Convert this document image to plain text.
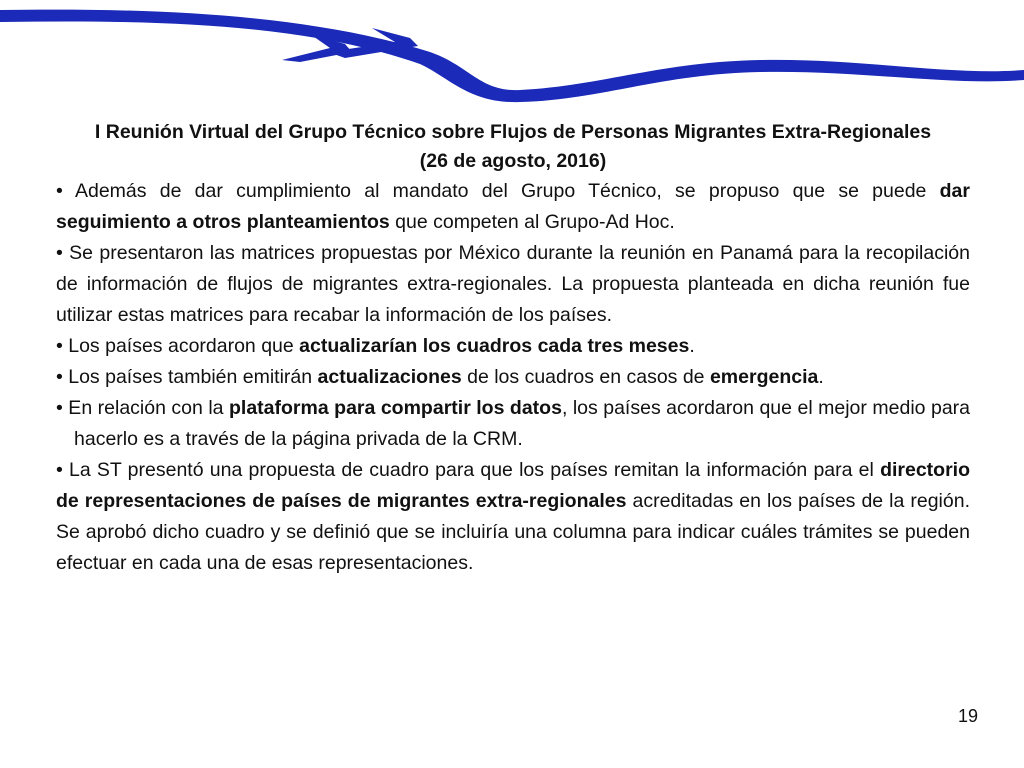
I Reunión Virtual del Grupo Técnico sobre Flujos de Personas Migrantes Extra-Regionales
(26 de agosto, 2016)

• Además de dar cumplimiento al mandato del Grupo Técnico, se propuso que se puede dar seguimiento a otros planteamientos que competen al Grupo-Ad Hoc.

• Se presentaron las matrices propuestas por México durante la reunión en Panamá para la recopilación de información de flujos de migrantes extra-regionales. La propuesta planteada en dicha reunión fue utilizar estas matrices para recabar la información de los países.

• Los países acordaron que actualizarían los cuadros cada tres meses.

• Los países también emitirán actualizaciones de los cuadros en casos de emergencia.

• En relación con la plataforma para compartir los datos, los países acordaron que el mejor medio para hacerlo es a través de la página privada de la CRM.

• La ST presentó una propuesta de cuadro para que los países remitan la información para el directorio de representaciones de países de migrantes extra-regionales acreditadas en los países de la región. Se aprobó dicho cuadro y se definió que se incluiría una columna para indicar cuáles trámites se pueden efectuar en cada una de esas representaciones.

19
